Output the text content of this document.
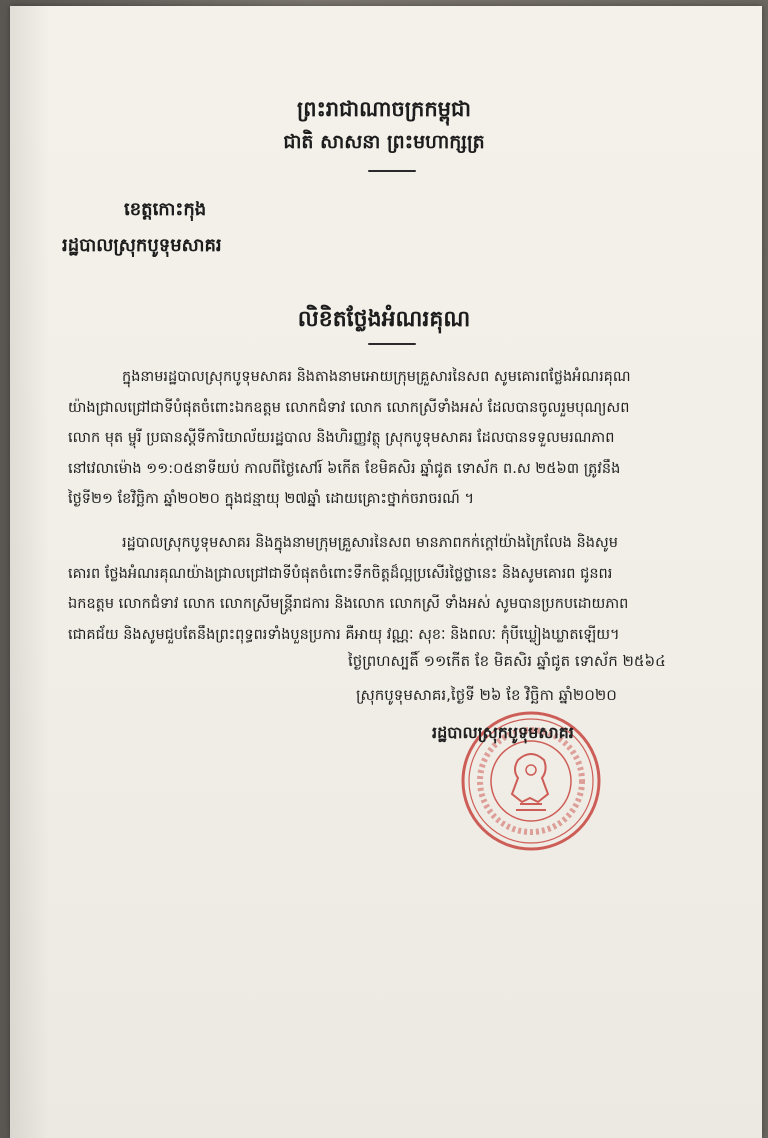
ព្រះរាជាណាចក្រកម្ពុជា
ជាតិ សាសនា ព្រះមហាក្សត្រ
ខេត្តកោះកុង
រដ្ឋបាលស្រុកបូទុមសាគរ
លិខិតថ្លែងអំណរគុណ
ក្នុងនាមរដ្ឋបាលស្រុកបូទុមសាគរ និងតាងនាមអោយក្រុមគ្រួសារនៃសព សូមគោរពថ្លែងអំណរគុណ
យ៉ាងជ្រាលជ្រៅជាទីបំផុតចំពោះឯកឧត្តម លោកជំទាវ លោក លោកស្រីទាំងអស់ ដែលបានចូលរួមបុណ្យសព
លោក មុត ម្ចុរី ប្រធានស្ដីទីការិយាល័យរដ្ឋបាល និងហិរញ្ញវត្ថុ ស្រុកបូទុមសាគរ ដែលបានទទួលមរណភាព
នៅវេលាម៉ោង ១១:០៥នាទីយប់ កាលពីថ្ងៃសៅរ៍ ៦កើត ខែមិគសិរ ឆ្នាំជូត ទោស័ក ព.ស ២៥៦៣ ត្រូវនឹង
ថ្ងៃទី២១ ខែវិច្ឆិកា ឆ្នាំ២០២០ ក្នុងជន្មាយុ ២៧ឆ្នាំ ដោយគ្រោះថ្នាក់ចរាចរណ៍ ។
រដ្ឋបាលស្រុកបូទុមសាគរ និងក្នុងនាមក្រុមគ្រួសារនៃសព មានភាពកក់ក្ដៅយ៉ាងក្រៃលែង និងសូម
គោរព ថ្លែងអំណរគុណយ៉ាងជ្រាលជ្រៅជាទីបំផុតចំពោះទឹកចិត្តដ៏ល្អប្រសើរថ្លៃថ្លានេះ និងសូមគោរព ជូនពរ
ឯកឧត្តម លោកជំទាវ លោក លោកស្រីមន្ត្រីរាជការ និងលោក លោកស្រី ទាំងអស់ សូមបានប្រកបដោយភាព
ជោគជ័យ និងសូមជួបតែនឹងព្រះពុទ្ធពរទាំងបួនប្រការ គឺអាយុ វណ្ណៈ សុខៈ និងពលៈ កុំបីឃ្លៀងឃ្លាតឡើយ។
ថ្ងៃព្រហស្បតិ៍ ១១កើត ខែ មិគសិរ ឆ្នាំជូត ទោស័ក ២៥៦៤
ស្រុកបូទុមសាគរ,ថ្ងៃទី ២៦ ខែ វិច្ឆិកា ឆ្នាំ២០២០
រដ្ឋបាលស្រុកបូទុមសាគរ
